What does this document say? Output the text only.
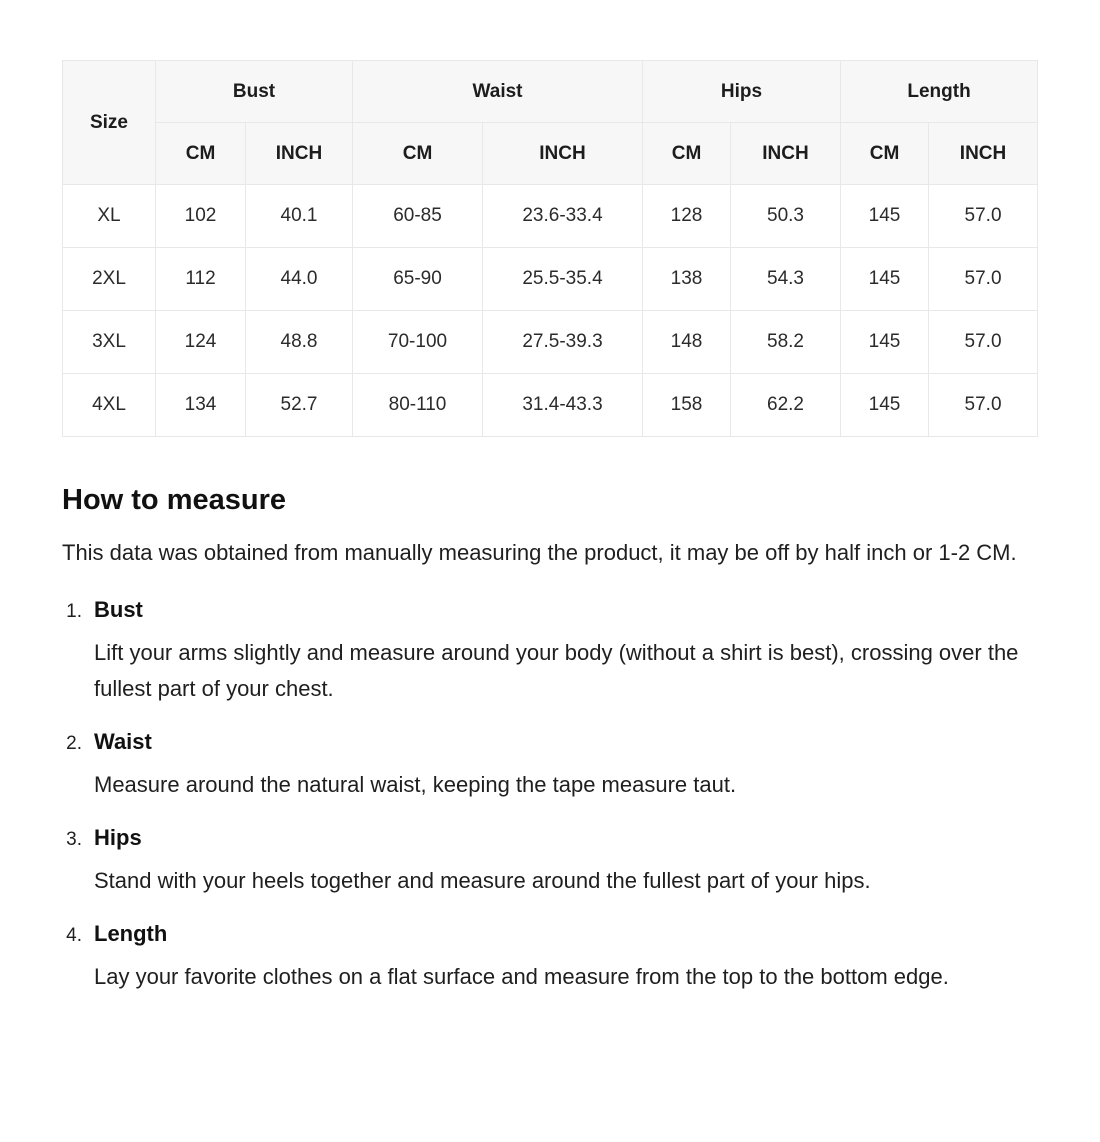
Size	Bust		Waist		Hips		Length	
	CM	INCH	CM	INCH	CM	INCH	CM	INCH
XL	102	40.1	60-85	23.6-33.4	128	50.3	145	57.0
2XL	112	44.0	65-90	25.5-35.4	138	54.3	145	57.0
3XL	124	48.8	70-100	27.5-39.3	148	58.2	145	57.0
4XL	134	52.7	80-110	31.4-43.3	158	62.2	145	57.0
How to measure

This data was obtained from manually measuring the product, it may be off by half inch or 1-2 CM.

1. Bust

Lift your arms slightly and measure around your body (without a shirt is best), crossing over the fullest part of your chest.

2. Waist

Measure around the natural waist, keeping the tape measure taut.

3. Hips

Stand with your heels together and measure around the fullest part of your hips.

4. Length

Lay your favorite clothes on a flat surface and measure from the top to the bottom edge.
